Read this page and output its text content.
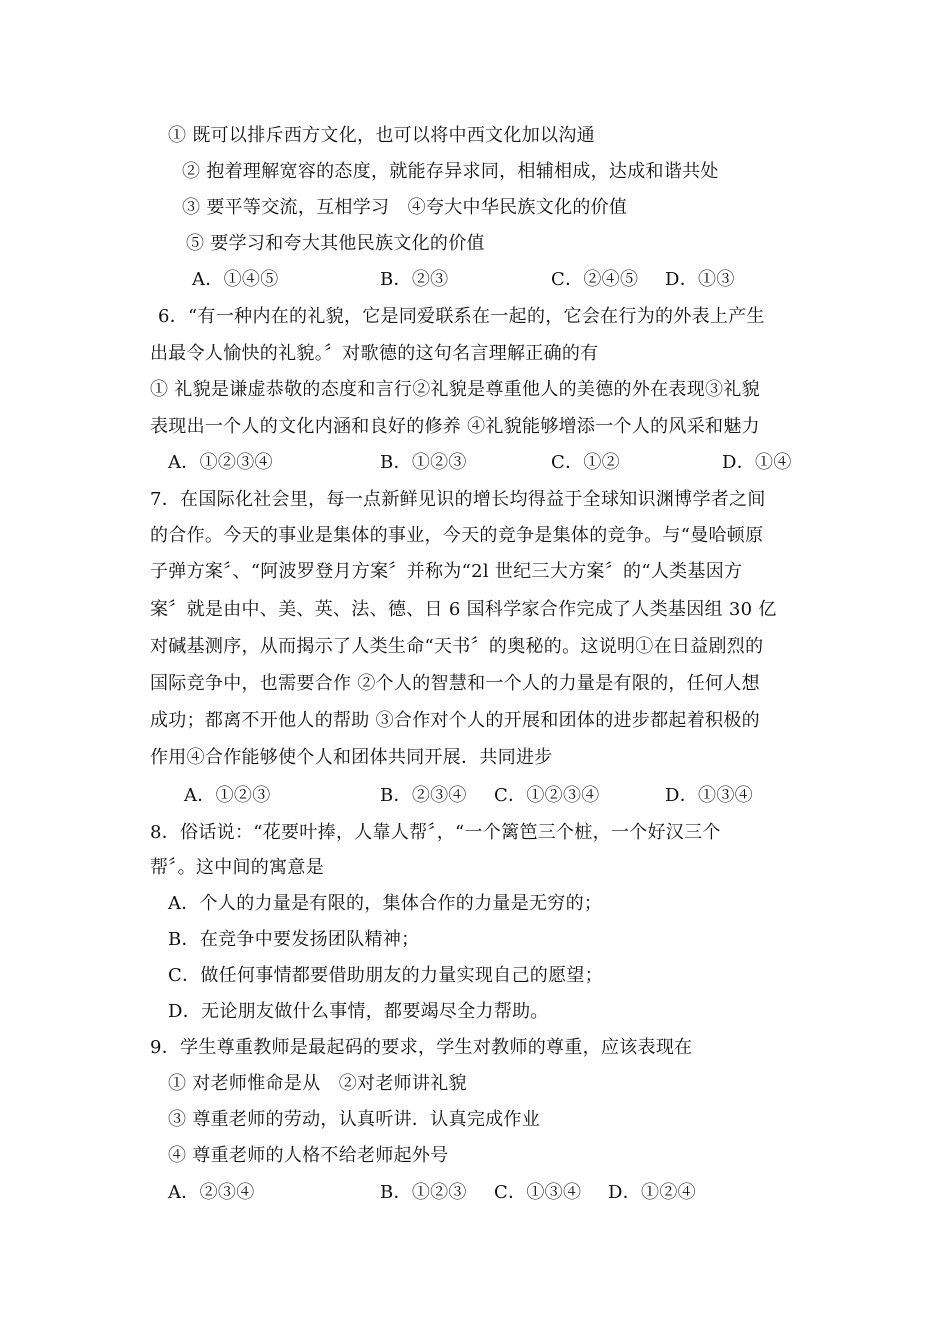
① 既可以排斥西方文化，也可以将中西文化加以沟通
② 抱着理解宽容的态度，就能存异求同，相辅相成，达成和谐共处
③ 要平等交流，互相学习　④夸大中华民族文化的价值
⑤ 要学习和夸大其他民族文化的价值
A．①④⑤	B．②③	C．②④⑤ D．①③
6．“有一种内在的礼貌，它是同爱联系在一起的，它会在行为的外表上产生
出最令人愉快的礼貌。〞对歌德的这句名言理解正确的有
① 礼貌是谦虚恭敬的态度和言行②礼貌是尊重他人的美德的外在表现③礼貌
表现出一个人的文化内涵和良好的修养 ④礼貌能够增添一个人的风采和魅力
A．①②③④	B．①②③	C．①②	D．①④
7．在国际化社会里，每一点新鲜见识的增长均得益于全球知识渊博学者之间
的合作。今天的事业是集体的事业，今天的竞争是集体的竞争。与“曼哈顿原
子弹方案〞、“阿波罗登月方案〞并称为“2l 世纪三大方案〞的“人类基因方
案〞就是由中、美、英、法、德、日 6 国科学家合作完成了人类基因组 30 亿
对碱基测序，从而揭示了人类生命“天书〞的奥秘的。这说明①在日益剧烈的
国际竞争中，也需要合作 ②个人的智慧和一个人的力量是有限的，任何人想
成功；都离不开他人的帮助 ③合作对个人的开展和团体的进步都起着积极的
作用④合作能够使个人和团体共同开展．共同进步
A．①②③	B．②③④ C．①②③④	D．①③④
8．俗话说：“花要叶捧，人靠人帮〞，“一个篱笆三个桩，一个好汉三个
帮〞。这中间的寓意是
A．个人的力量是有限的，集体合作的力量是无穷的；
B．在竞争中要发扬团队精神；
C．做任何事情都要借助朋友的力量实现自己的愿望；
D．无论朋友做什么事情，都要竭尽全力帮助。
9．学生尊重教师是最起码的要求，学生对教师的尊重，应该表现在
① 对老师惟命是从　②对老师讲礼貌
③ 尊重老师的劳动，认真听讲．认真完成作业
④ 尊重老师的人格不给老师起外号
A．②③④	B．①②③ C．①③④ D．①②④
